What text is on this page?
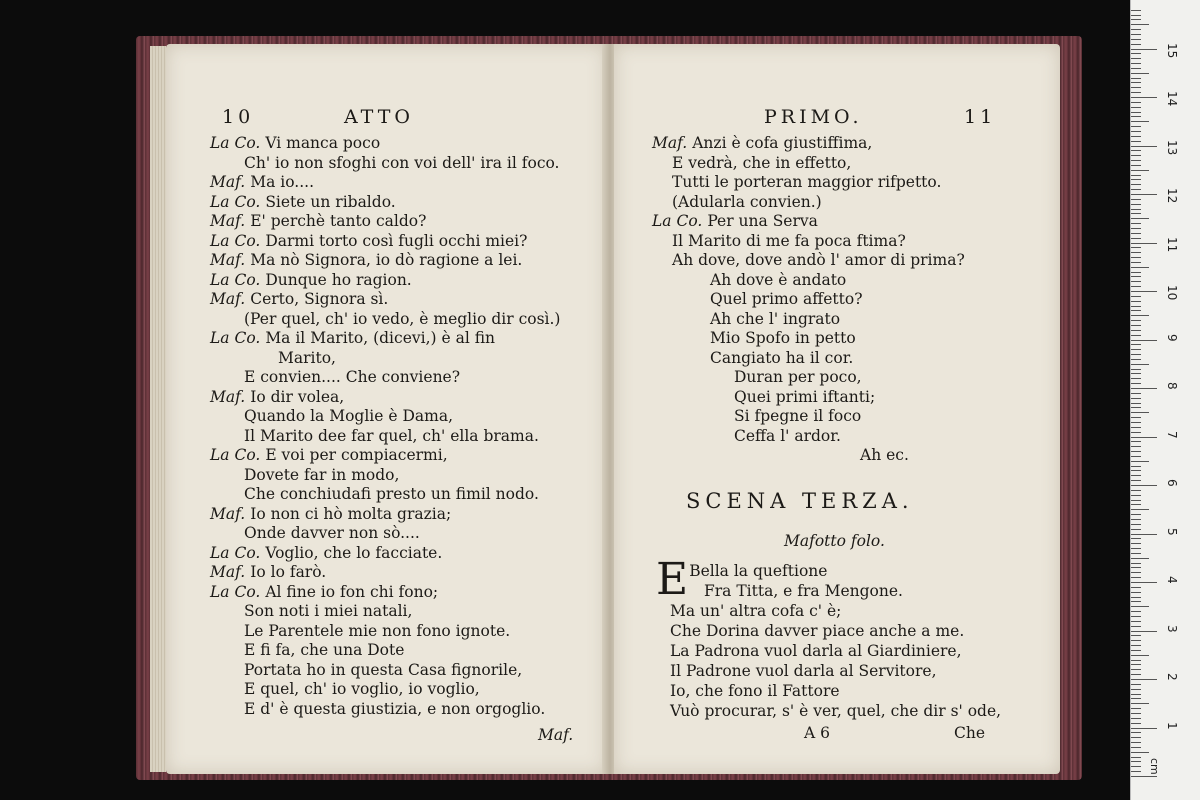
10	ATTO
La Co. Vi manca poco
Ch' io non sfoghi con voi dell' ira il foco.
Maf. Ma io....
La Co. Siete un ribaldo.
Maf. E' perchè tanto caldo?
La Co. Darmi torto così fugli occhi miei?
Maf. Ma nò Signora, io dò ragione a lei.
La Co. Dunque ho ragion.
Maf. Certo, Signora sì.
(Per quel, ch' io vedo, è meglio dir così.)
La Co. Ma il Marito, (dicevi,) è al fin
Marito,
E convien.... Che conviene?
Maf. Io dir volea,
Quando la Moglie è Dama,
Il Marito dee far quel, ch' ella brama.
La Co. E voi per compiacermi,
Dovete far in modo,
Che conchiudafi presto un fimil nodo.
Maf. Io non ci hò molta grazia;
Onde davver non sò....
La Co. Voglio, che lo facciate.
Maf. Io lo farò.
La Co. Al fine io fon chi fono;
Son noti i miei natali,
Le Parentele mie non fono ignote.
E fi fa, che una Dote
Portata ho in questa Casa fignorile,
E quel, ch' io voglio, io voglio,
E d' è questa giustizia, e non orgoglio.
Maf.
PRIMO.	11
Maf. Anzi è cofa giustiffima,
E vedrà, che in effetto,
Tutti le porteran maggior rifpetto.
(Adularla convien.)
La Co. Per una Serva
Il Marito di me fa poca ftima?
Ah dove, dove andò l' amor di prima?
Ah dove è andato
Quel primo affetto?
Ah che l' ingrato
Mio Spofo in petto
Cangiato ha il cor.
Duran per poco,
Quei primi iftanti;
Si fpegne il foco
Ceffa l' ardor.
Ah ec.
SCENA TERZA.
Mafotto folo.
E
' Bella la queftione
Fra Titta, e fra Mengone.
Ma un' altra cofa c' è;
Che Dorina davver piace anche a me.
La Padrona vuol darla al Giardiniere,
Il Padrone vuol darla al Servitore,
Io, che fono il Fattore
Vuò procurar, s' è ver, quel, che dir s' ode,
A 6	Che
cm
1
2
3
4
5
6
7
8
9
10
11
12
13
14
15
